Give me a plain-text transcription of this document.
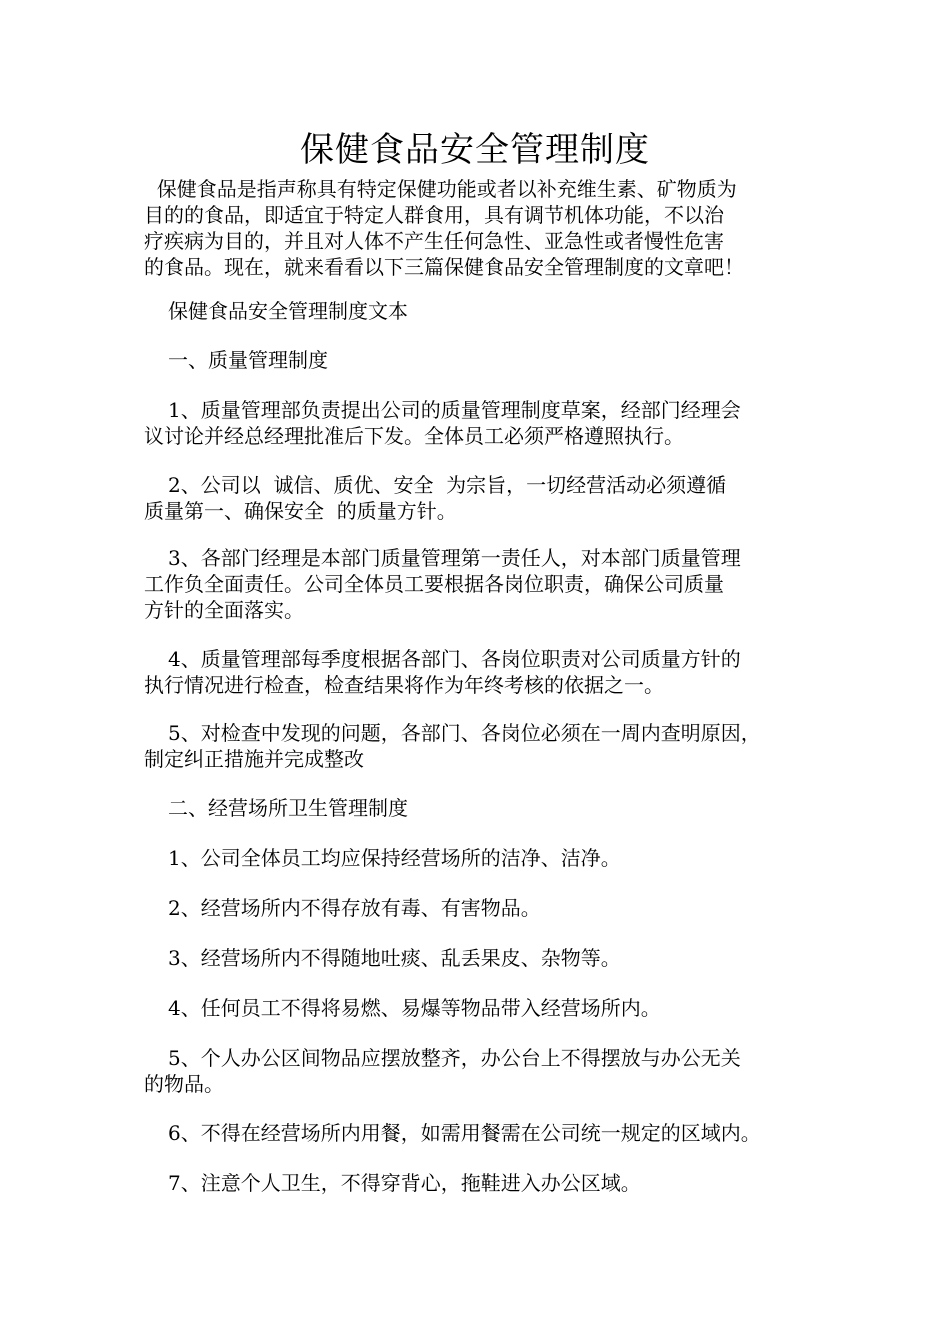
保健食品安全管理制度
保健食品是指声称具有特定保健功能或者以补充维生素、矿物质为
目的的食品，即适宜于特定人群食用，具有调节机体功能，不以治
疗疾病为目的，并且对人体不产生任何急性、亚急性或者慢性危害
的食品。现在，就来看看以下三篇保健食品安全管理制度的文章吧！
保健食品安全管理制度文本
一、质量管理制度
1、质量管理部负责提出公司的质量管理制度草案，经部门经理会
议讨论并经总经理批准后下发。全体员工必须严格遵照执行。
2、公司以  诚信、质优、安全  为宗旨，一切经营活动必须遵循
质量第一、确保安全  的质量方针。
3、各部门经理是本部门质量管理第一责任人，对本部门质量管理
工作负全面责任。公司全体员工要根据各岗位职责，确保公司质量
方针的全面落实。
4、质量管理部每季度根据各部门、各岗位职责对公司质量方针的
执行情况进行检查，检查结果将作为年终考核的依据之一。
5、对检查中发现的问题，各部门、各岗位必须在一周内查明原因，
制定纠正措施并完成整改
二、经营场所卫生管理制度
1、公司全体员工均应保持经营场所的洁净、洁净。
2、经营场所内不得存放有毒、有害物品。
3、经营场所内不得随地吐痰、乱丢果皮、杂物等。
4、任何员工不得将易燃、易爆等物品带入经营场所内。
5、个人办公区间物品应摆放整齐，办公台上不得摆放与办公无关
的物品。
6、不得在经营场所内用餐，如需用餐需在公司统一规定的区域内。
7、注意个人卫生，不得穿背心，拖鞋进入办公区域。
